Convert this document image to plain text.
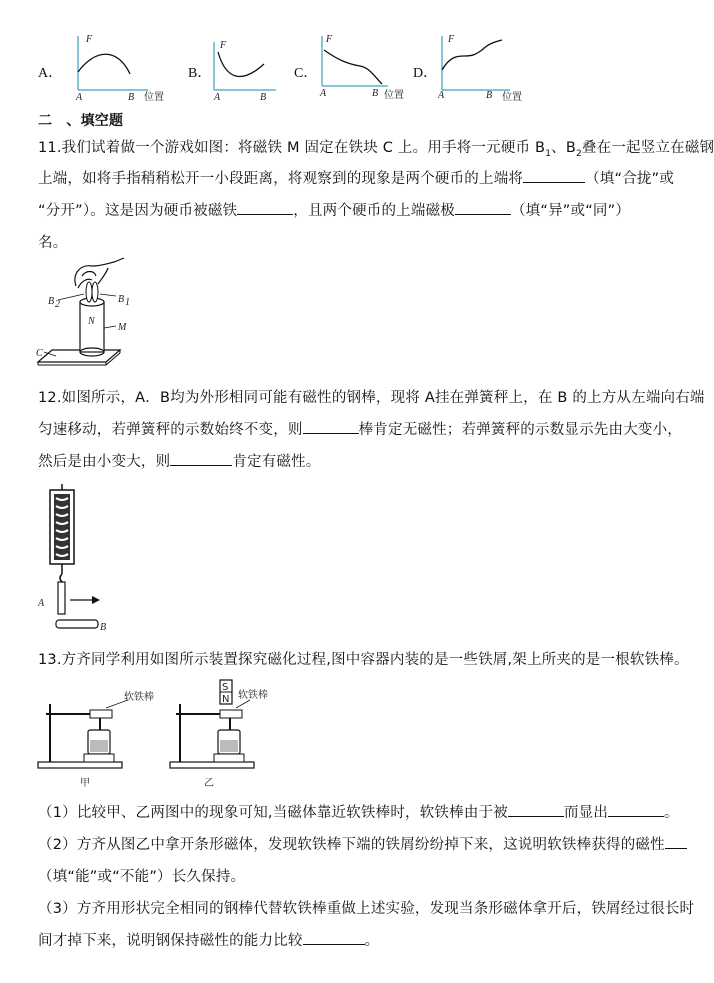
A．
F
A	B 位置
B．
F
A	B
C．
F
A	B 位置
D．
F
A	B 位置
二　、填空题
11.我们试着做一个游戏如图：将磁铁 M 固定在铁块 C 上。用手将一元硬币 $B_1$、$B_2$叠在一起竖立在磁钢
上端，如将手指稍稍松开一小段距离，将观察到的现象是两个硬币的上端将	（填“合拢”或
“分开”）。这是因为硬币被磁铁	，且两个硬币的上端磁极	（填“异”或“同”）
名。
B 2	B 1
N
M
C
12.如图所示，A．B均为外形相同可能有磁性的钢棒，现将 A挂在弹簧秤上，在 B 的上方从左端向右端
匀速移动，若弹簧秤的示数始终不变，则	棒肯定无磁性；若弹簧秤的示数显示先由大变小，
然后是由小变大，则	肯定有磁性。
A
B
13.方齐同学利用如图所示装置探究磁化过程,图中容器内装的是一些铁屑,架上所夹的是一根软铁棒。
软铁棒
甲
S
N 软铁棒
乙
（1）比较甲、乙两图中的现象可知,当磁体靠近软铁棒时，软铁棒由于被	而显出	。
（2）方齐从图乙中拿开条形磁体，发现软铁棒下端的铁屑纷纷掉下来，这说明软铁棒获得的磁性
（填“能”或“不能”）长久保持。
（3）方齐用形状完全相同的钢棒代替软铁棒重做上述实验，发现当条形磁体拿开后，铁屑经过很长时
间才掉下来，说明钢保持磁性的能力比较	。
